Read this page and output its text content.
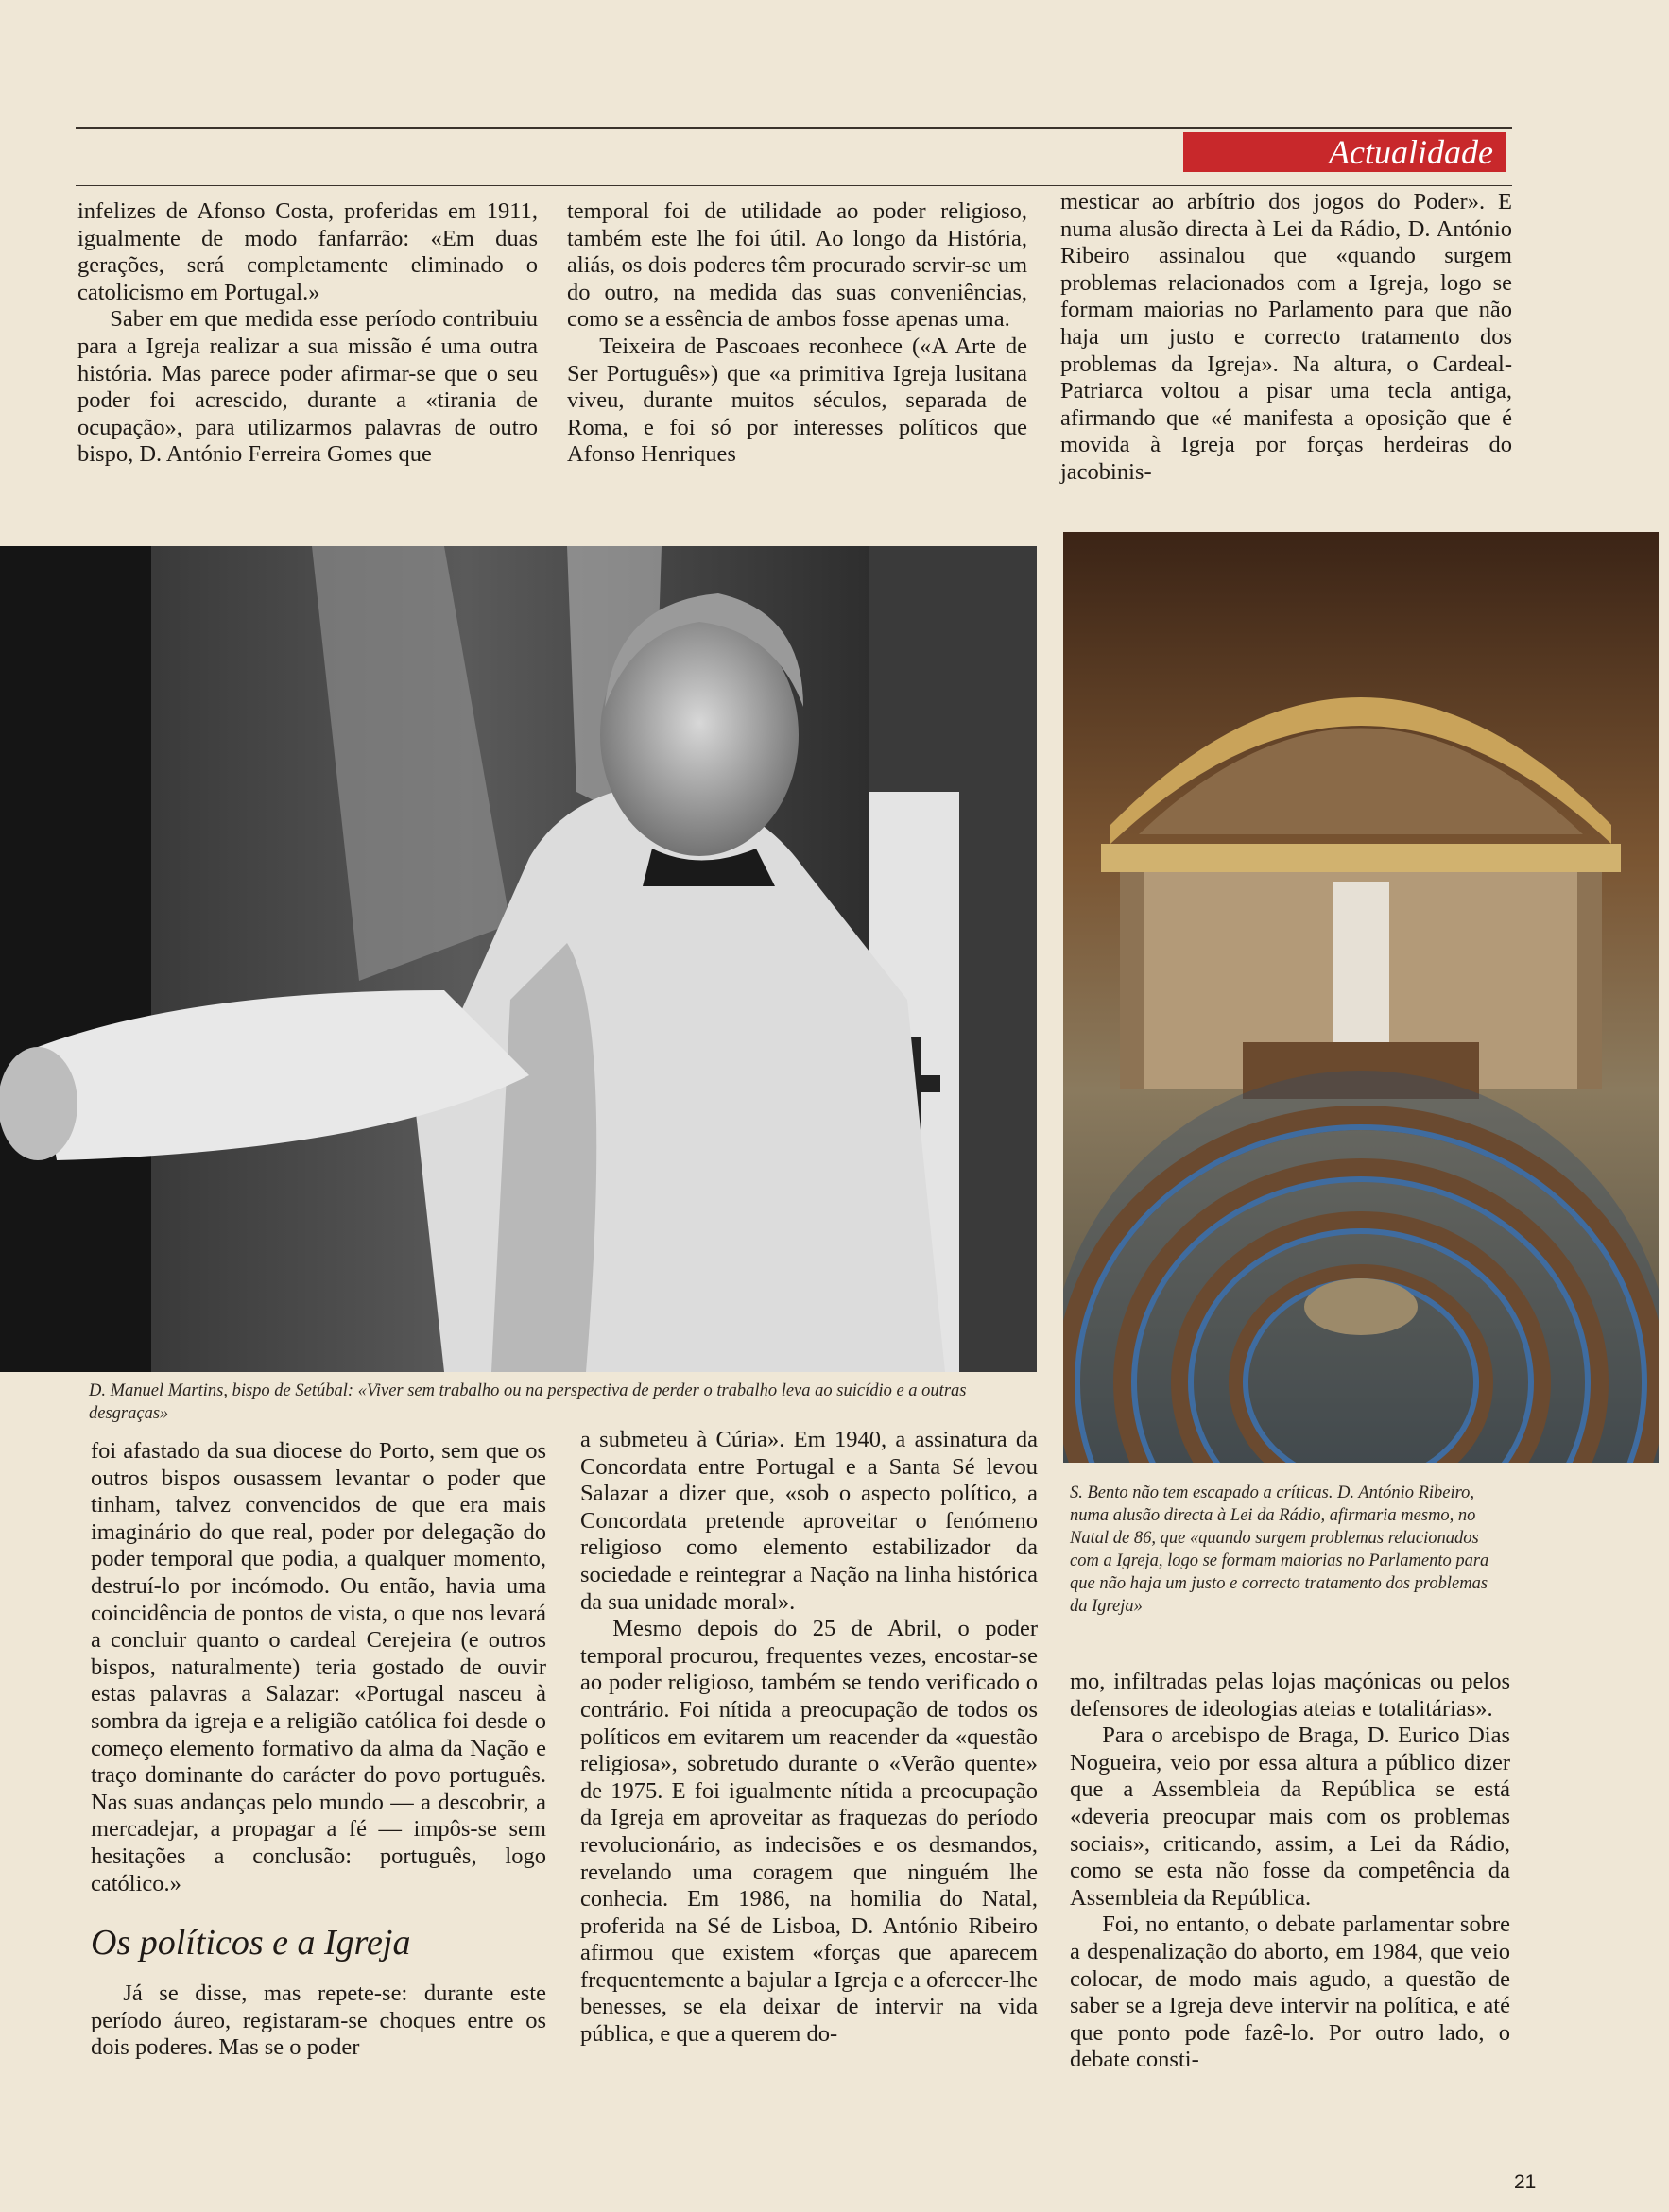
Actualidade

infelizes de Afonso Costa, proferidas em 1911, igualmente de modo fanfarrão: «Em duas gerações, será completamente eliminado o catolicismo em Portugal.»

Saber em que medida esse período contribuiu para a Igreja realizar a sua missão é uma outra história. Mas parece poder afirmar-se que o seu poder foi acrescido, durante a «tirania de ocupação», para utilizarmos palavras de outro bispo, D. António Ferreira Gomes que

temporal foi de utilidade ao poder religioso, também este lhe foi útil. Ao longo da História, aliás, os dois poderes têm procurado servir-se um do outro, na medida das suas conveniências, como se a essência de ambos fosse apenas uma.

Teixeira de Pascoaes reconhece («A Arte de Ser Português») que «a primitiva Igreja lusitana viveu, durante muitos séculos, separada de Roma, e foi só por interesses políticos que Afonso Henriques

mesticar ao arbítrio dos jogos do Poder». E numa alusão directa à Lei da Rádio, D. António Ribeiro assinalou que «quando surgem problemas relacionados com a Igreja, logo se formam maiorias no Parlamento para que não haja um justo e correcto tratamento dos problemas da Igreja». Na altura, o Cardeal-Patriarca voltou a pisar uma tecla antiga, afirmando que «é manifesta a oposição que é movida à Igreja por forças herdeiras do jacobinis-

D. Manuel Martins, bispo de Setúbal: «Viver sem trabalho ou na perspectiva de perder o trabalho leva ao suicídio e a outras desgraças»
S. Bento não tem escapado a críticas. D. António Ribeiro, numa alusão directa à Lei da Rádio, afirmaria mesmo, no Natal de 86, que «quando surgem problemas relacionados com a Igreja, logo se formam maiorias no Parlamento para que não haja um justo e correcto tratamento dos problemas da Igreja»

foi afastado da sua diocese do Porto, sem que os outros bispos ousassem levantar o poder que tinham, talvez convencidos de que era mais imaginário do que real, poder por delegação do poder temporal que podia, a qualquer momento, destruí-lo por incómodo. Ou então, havia uma coincidência de pontos de vista, o que nos levará a concluir quanto o cardeal Cerejeira (e outros bispos, naturalmente) teria gostado de ouvir estas palavras a Salazar: «Portugal nasceu à sombra da igreja e a religião católica foi desde o começo elemento formativo da alma da Nação e traço dominante do carácter do povo português. Nas suas andanças pelo mundo — a descobrir, a mercadejar, a propagar a fé — impôs-se sem hesitações a conclusão: português, logo católico.»

Os políticos e a Igreja

Já se disse, mas repete-se: durante este período áureo, registaram-se choques entre os dois poderes. Mas se o poder

a submeteu à Cúria». Em 1940, a assinatura da Concordata entre Portugal e a Santa Sé levou Salazar a dizer que, «sob o aspecto político, a Concordata pretende aproveitar o fenómeno religioso como elemento estabilizador da sociedade e reintegrar a Nação na linha histórica da sua unidade moral».

Mesmo depois do 25 de Abril, o poder temporal procurou, frequentes vezes, encostar-se ao poder religioso, também se tendo verificado o contrário. Foi nítida a preocupação de todos os políticos em evitarem um reacender da «questão religiosa», sobretudo durante o «Verão quente» de 1975. E foi igualmente nítida a preocupação da Igreja em aproveitar as fraquezas do período revolucionário, as indecisões e os desmandos, revelando uma coragem que ninguém lhe conhecia. Em 1986, na homilia do Natal, proferida na Sé de Lisboa, D. António Ribeiro afirmou que existem «forças que aparecem frequentemente a bajular a Igreja e a oferecer-lhe benesses, se ela deixar de intervir na vida pública, e que a querem do-

mo, infiltradas pelas lojas maçónicas ou pelos defensores de ideologias ateias e totalitárias».

Para o arcebispo de Braga, D. Eurico Dias Nogueira, veio por essa altura a público dizer que a Assembleia da República se está «deveria preocupar mais com os problemas sociais», criticando, assim, a Lei da Rádio, como se esta não fosse da competência da Assembleia da República.

Foi, no entanto, o debate parlamentar sobre a despenalização do aborto, em 1984, que veio colocar, de modo mais agudo, a questão de saber se a Igreja deve intervir na política, e até que ponto pode fazê-lo. Por outro lado, o debate consti-

21
